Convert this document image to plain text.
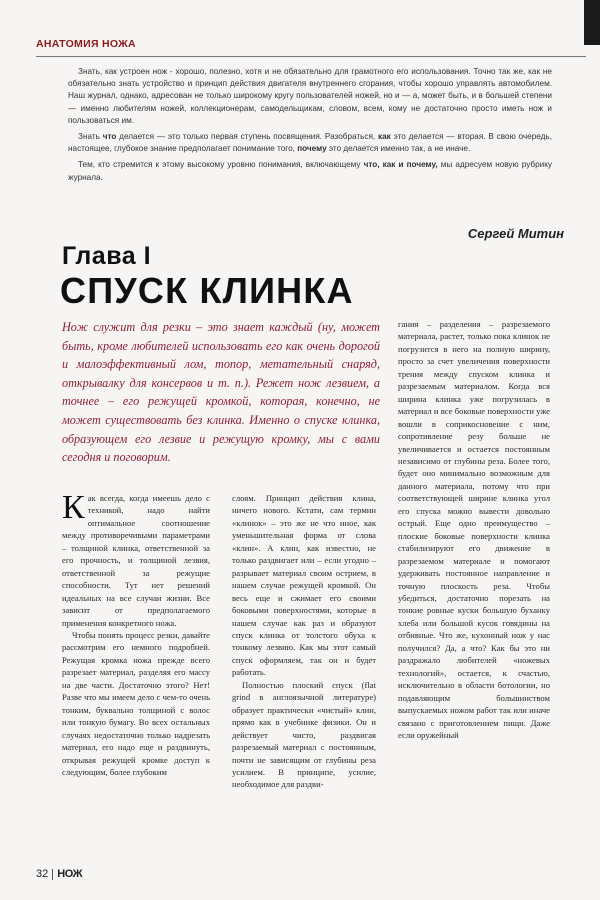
АНАТОМИЯ НОЖА

Знать, как устроен нож - хорошо, полезно, хотя и не обязательно для грамотного его использования. Точно так же, как не обязательно знать устройство и принцип действия двигателя внутреннего сгорания, чтобы хорошо управлять автомобилем. Наш журнал, однако, адресован не только широкому кругу пользователей ножей, но и — а, может быть, и в большей степени — именно любителям ножей, коллекционерам, самодельщикам, словом, всем, кому не достаточно просто иметь нож и пользоваться им.

Знать что делается — это только первая ступень посвящения. Разобраться, как это делается — вторая. В свою очередь, настоящее, глубокое знание предполагает понимание того, почему это делается именно так, а не иначе.

Тем, кто стремится к этому высокому уровню понимания, включающему что, как и почему, мы адресуем новую рубрику журнала.

Сергей Митин
Глава I
СПУСК КЛИНКА
Нож служит для резки – это знает каждый (ну, может быть, кроме любителей использовать его как очень дорогой и малоэффективный лом, топор, метательный снаряд, открывалку для консервов и т. п.). Режет нож лезвием, а точнее – его режущей кромкой, которая, конечно, не может существовать без клинка. Именно о спуске клинка, образующем его лезвие и режущую кромку, мы с вами сегодня и поговорим.

Как всегда, когда имеешь дело с техникой, надо найти оптимальное соотношение между противоречивыми параметрами – толщиной клинка, ответственной за его прочность, и толщиной лезвия, ответственной за режущие способности. Тут нет решений идеальных на все случаи жизни. Все зависит от предполагаемого применения конкретного ножа.

Чтобы понять процесс резки, давайте рассмотрим его немного подробней. Режущая кромка ножа прежде всего разрезает материал, разделяя его массу на две части. Достаточно этого? Нет! Разве что мы имеем дело с чем-то очень тонким, буквально толщиной с волос или тонкую бумагу. Во всех остальных случаях недостаточно только надрезать материал, его надо еще и раздвинуть, открывая режущей кромке доступ к следующим, более глубоким

слоям. Принцип действия клина, ничего нового. Кстати, сам термин «клинок» – это же не что иное, как уменьшительная форма от слова «клин». А клин, как известно, не только раздвигает или – если угодно – разрывает материал своим острием, в нашем случае режущей кромкой. Он весь еще и сжимает его своими боковыми поверхностями, которые в нашем случае как раз и образуют спуск клинка от толстого обуха к тонкому лезвию. Как мы этот самый спуск оформляем, так он и будет работать.

Полностью плоский спуск (flat grind в англоязычной литературе) образует практически «чистый» клин, прямо как в учебнике физики. Он и действует чисто, раздвигая разрезаемый материал с постоянным, почти не зависящим от глубины реза усилием. В принципе, усилие, необходимое для раздви-

гания – разделения – разрезаемого материала, растет, только пока клинок не погрузится в него на полную ширину, просто за счет увеличения поверхности трения между спуском клинка и разрезаемым материалом. Когда вся ширина клинка уже погрузилась в материал и все боковые поверхности уже вошли в соприкосновение с ним, сопротивление резу больше не увеличивается и остается постоянным независимо от глубины реза. Более того, будет оно минимально возможным для данного материала, потому что при соответствующей ширине клинка угол его спуска можно вывести довольно острый. Еще одно преимущество – плоские боковые поверхности клинка стабилизируют его движение в разрезаемом материале и помогают удерживать постоянное направление и точную плоскость реза. Чтобы убедиться, достаточно порезать на тонкие ровные куски большую буханку хлеба или большой кусок говядины на отбивные. Что же, кухонный нож у нас получился? Да, а что? Как бы это ни раздражало любителей «ножевых технологий», остается, к счастью, исключительно в области ботологии, но подавляющим большинством выпускаемых ножом работ так или иначе связано с приготовлением пищи. Даже если оружейный

32 НОЖ
